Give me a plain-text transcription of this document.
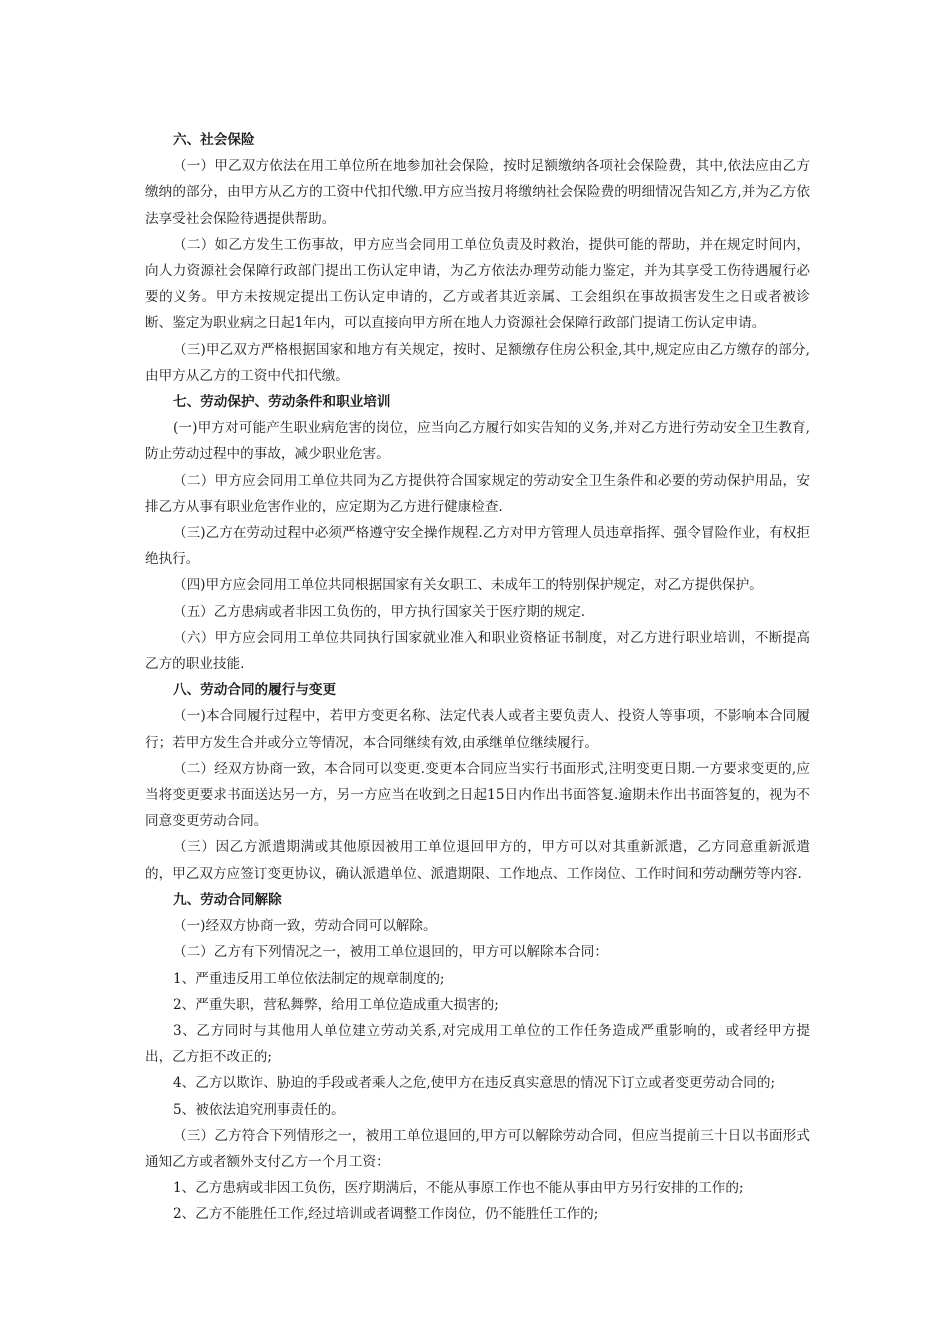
六、社会保险
（一）甲乙双方依法在用工单位所在地参加社会保险，按时足额缴纳各项社会保险费，其中,依法应由乙方缴纳的部分，由甲方从乙方的工资中代扣代缴.甲方应当按月将缴纳社会保险费的明细情况告知乙方,并为乙方依法享受社会保险待遇提供帮助。
（二）如乙方发生工伤事故，甲方应当会同用工单位负责及时救治，提供可能的帮助，并在规定时间内，向人力资源社会保障行政部门提出工伤认定申请，为乙方依法办理劳动能力鉴定，并为其享受工伤待遇履行必要的义务。甲方未按规定提出工伤认定申请的，乙方或者其近亲属、工会组织在事故损害发生之日或者被诊断、鉴定为职业病之日起1年内，可以直接向甲方所在地人力资源社会保障行政部门提请工伤认定申请。
（三)甲乙双方严格根据国家和地方有关规定，按时、足额缴存住房公积金,其中,规定应由乙方缴存的部分,由甲方从乙方的工资中代扣代缴。
七、劳动保护、劳动条件和职业培训
(一)甲方对可能产生职业病危害的岗位，应当向乙方履行如实告知的义务,并对乙方进行劳动安全卫生教育,防止劳动过程中的事故，减少职业危害。
（二）甲方应会同用工单位共同为乙方提供符合国家规定的劳动安全卫生条件和必要的劳动保护用品，安排乙方从事有职业危害作业的，应定期为乙方进行健康检查.
（三)乙方在劳动过程中必须严格遵守安全操作规程.乙方对甲方管理人员违章指挥、强令冒险作业，有权拒绝执行。
（四)甲方应会同用工单位共同根据国家有关女职工、未成年工的特别保护规定，对乙方提供保护。
（五）乙方患病或者非因工负伤的，甲方执行国家关于医疗期的规定.
（六）甲方应会同用工单位共同执行国家就业准入和职业资格证书制度，对乙方进行职业培训，不断提高乙方的职业技能.
八、劳动合同的履行与变更
（一)本合同履行过程中，若甲方变更名称、法定代表人或者主要负责人、投资人等事项，不影响本合同履行；若甲方发生合并或分立等情况，本合同继续有效,由承继单位继续履行。
（二）经双方协商一致，本合同可以变更.变更本合同应当实行书面形式,注明变更日期.一方要求变更的,应当将变更要求书面送达另一方，另一方应当在收到之日起15日内作出书面答复.逾期未作出书面答复的，视为不同意变更劳动合同。
（三）因乙方派遣期满或其他原因被用工单位退回甲方的，甲方可以对其重新派遣，乙方同意重新派遣的，甲乙双方应签订变更协议，确认派遣单位、派遣期限、工作地点、工作岗位、工作时间和劳动酬劳等内容.
九、劳动合同解除
（一)经双方协商一致，劳动合同可以解除。
（二）乙方有下列情况之一，被用工单位退回的，甲方可以解除本合同：
1、严重违反用工单位依法制定的规章制度的;
2、严重失职，营私舞弊，给用工单位造成重大损害的;
3、乙方同时与其他用人单位建立劳动关系,对完成用工单位的工作任务造成严重影响的，或者经甲方提出，乙方拒不改正的;
4、乙方以欺诈、胁迫的手段或者乘人之危,使甲方在违反真实意思的情况下订立或者变更劳动合同的;
5、被依法追究刑事责任的。
（三）乙方符合下列情形之一，被用工单位退回的,甲方可以解除劳动合同，但应当提前三十日以书面形式通知乙方或者额外支付乙方一个月工资：
1、乙方患病或非因工负伤，医疗期满后，不能从事原工作也不能从事由甲方另行安排的工作的;
2、乙方不能胜任工作,经过培训或者调整工作岗位，仍不能胜任工作的;
